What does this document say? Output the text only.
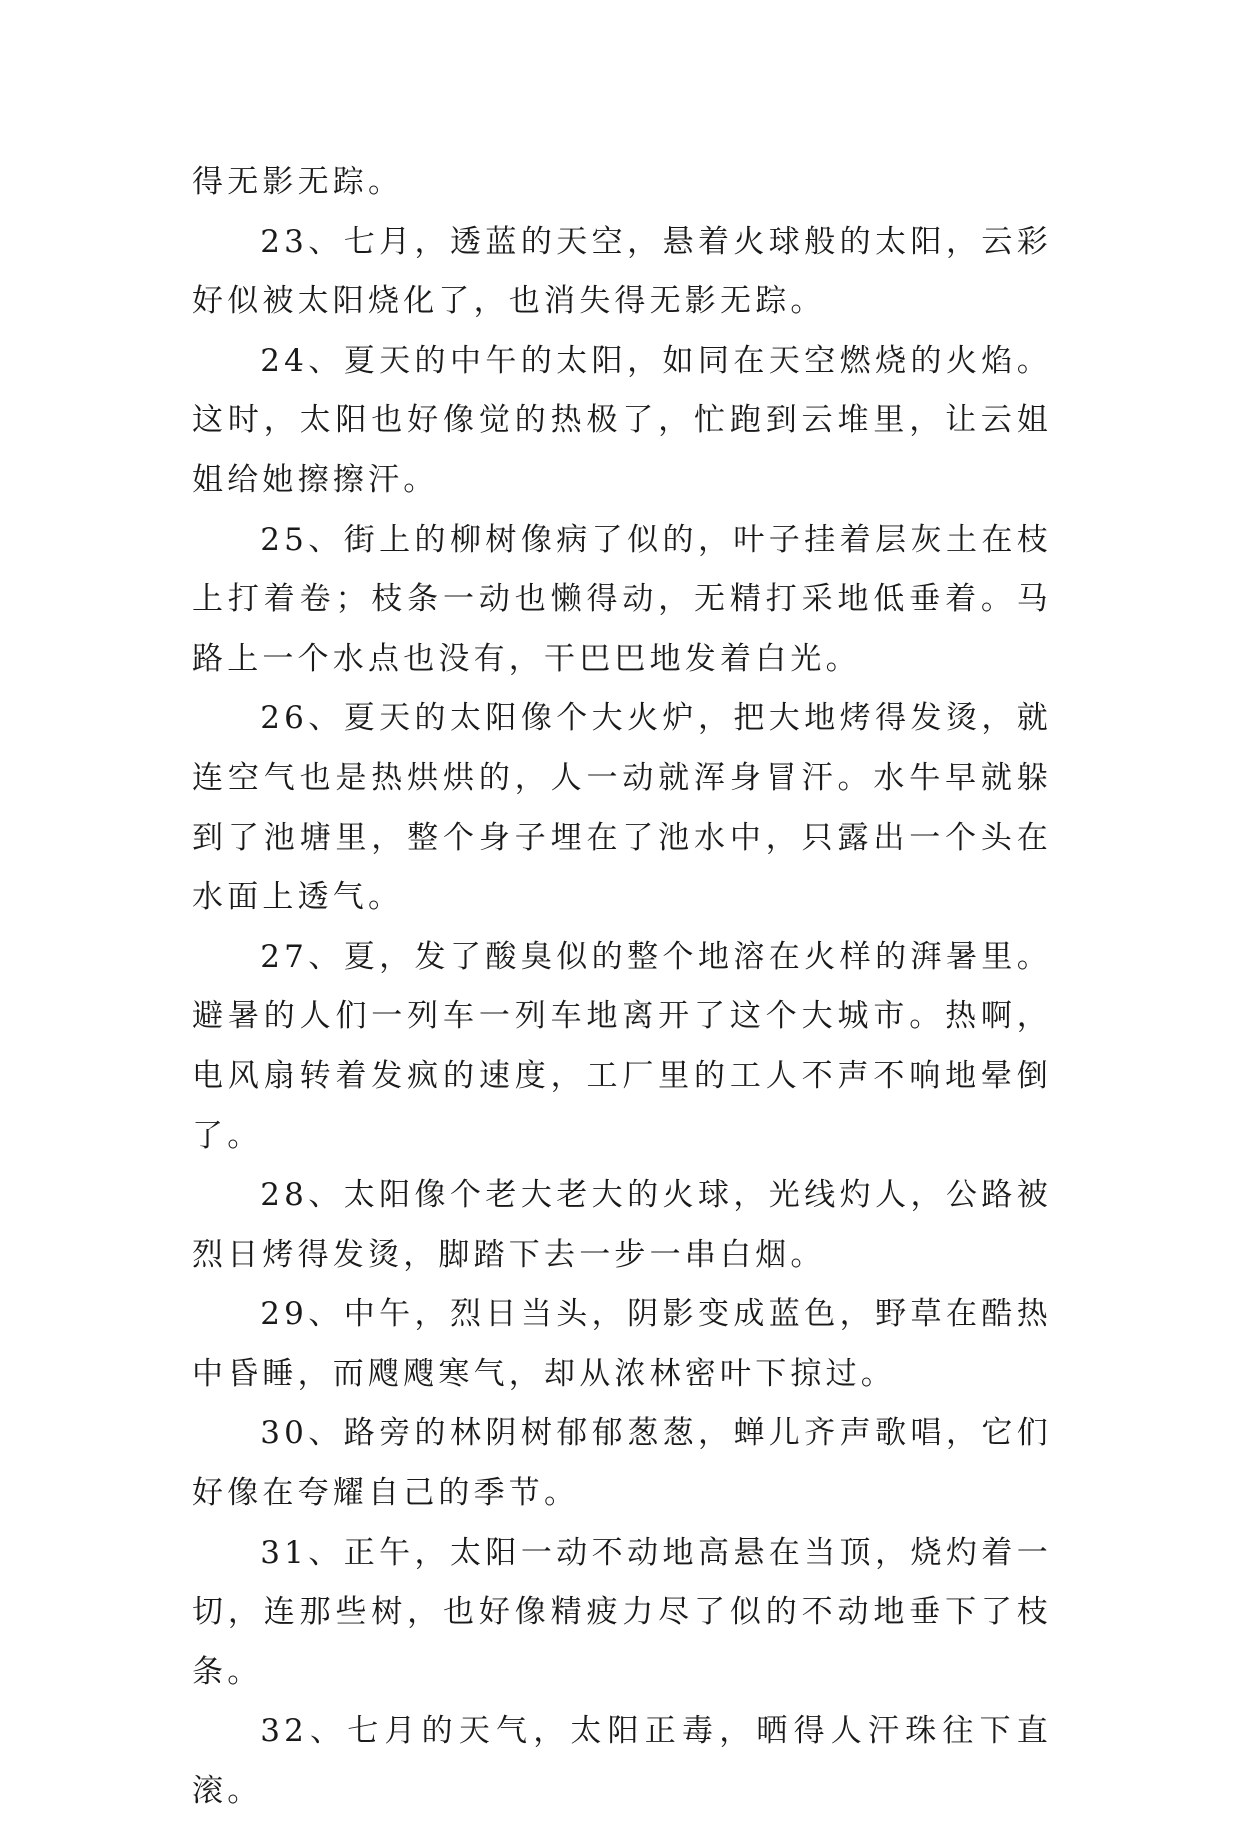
得无影无踪。

23、七月，透蓝的天空，悬着火球般的太阳，云彩好似被太阳烧化了，也消失得无影无踪。

24、夏天的中午的太阳，如同在天空燃烧的火焰。这时，太阳也好像觉的热极了，忙跑到云堆里，让云姐姐给她擦擦汗。

25、街上的柳树像病了似的，叶子挂着层灰土在枝上打着卷；枝条一动也懒得动，无精打采地低垂着。马路上一个水点也没有，干巴巴地发着白光。

26、夏天的太阳像个大火炉，把大地烤得发烫，就连空气也是热烘烘的，人一动就浑身冒汗。水牛早就躲到了池塘里，整个身子埋在了池水中，只露出一个头在水面上透气。

27、夏，发了酸臭似的整个地溶在火样的湃暑里。避暑的人们一列车一列车地离开了这个大城市。热啊，电风扇转着发疯的速度，工厂里的工人不声不响地晕倒了。

28、太阳像个老大老大的火球，光线灼人，公路被烈日烤得发烫，脚踏下去一步一串白烟。

29、中午，烈日当头，阴影变成蓝色，野草在酷热中昏睡，而飕飕寒气，却从浓林密叶下掠过。

30、路旁的林阴树郁郁葱葱，蝉儿齐声歌唱，它们好像在夸耀自己的季节。

31、正午，太阳一动不动地高悬在当顶，烧灼着一切，连那些树，也好像精疲力尽了似的不动地垂下了枝条。

32、七月的天气，太阳正毒，晒得人汗珠往下直滚。
